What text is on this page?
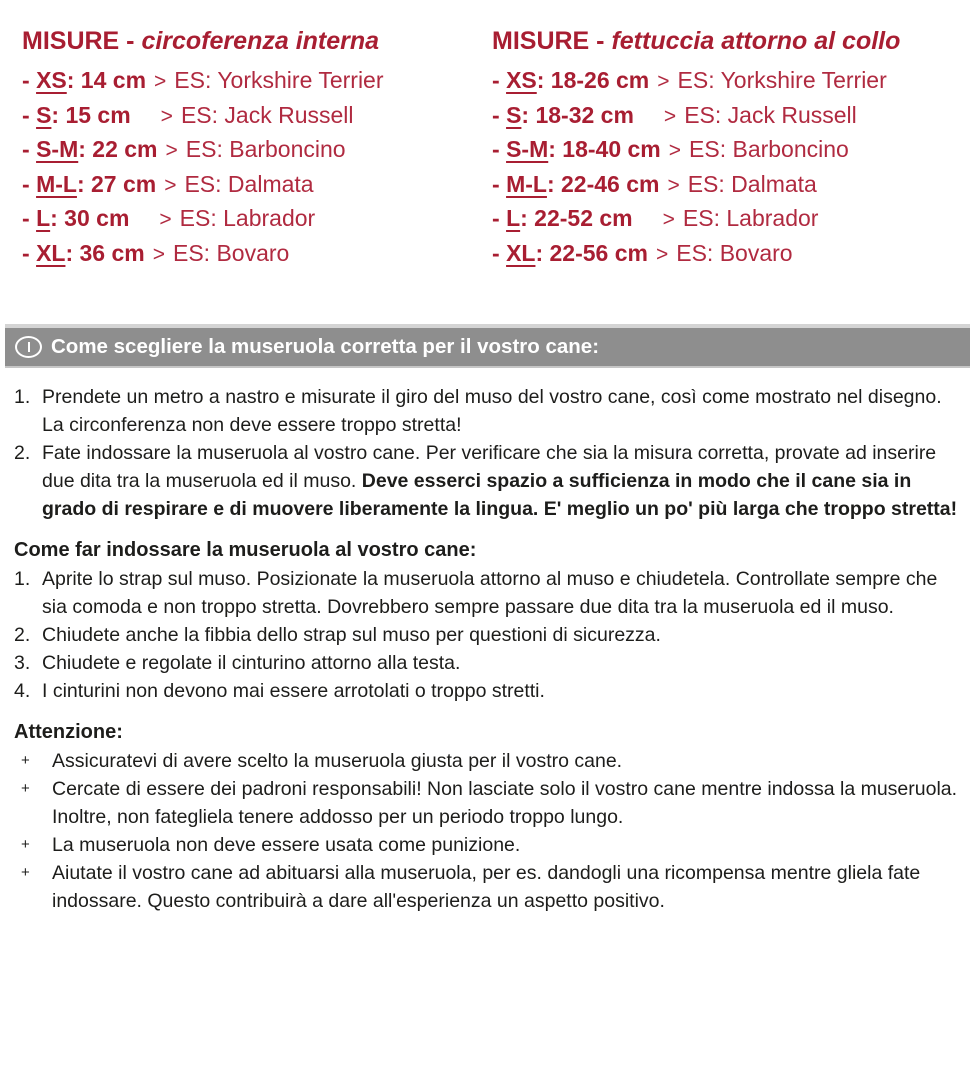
MISURE - circoferenza interna
- XS: 14 cm > ES: Yorkshire Terrier
- S: 15 cm > ES: Jack Russell
- S-M: 22 cm > ES: Barboncino
- M-L: 27 cm > ES: Dalmata
- L: 30 cm > ES: Labrador
- XL: 36 cm > ES: Bovaro
MISURE - fettuccia attorno al collo
- XS: 18-26 cm > ES: Yorkshire Terrier
- S: 18-32 cm > ES: Jack Russell
- S-M: 18-40 cm > ES: Barboncino
- M-L: 22-46 cm > ES: Dalmata
- L: 22-52 cm > ES: Labrador
- XL: 22-56 cm > ES: Bovaro
Come scegliere la museruola corretta per il vostro cane:
1. Prendete un metro a nastro e misurate il giro del muso del vostro cane, così come mostrato nel disegno. La circonferenza non deve essere troppo stretta!
2. Fate indossare la museruola al vostro cane. Per verificare che sia la misura corretta, provate ad inserire due dita tra la museruola ed il muso. Deve esserci spazio a sufficienza in modo che il cane sia in grado di respirare e di muovere liberamente la lingua. E' meglio un po' più larga che troppo stretta!
Come far indossare la museruola al vostro cane:
1. Aprite lo strap sul muso. Posizionate la museruola attorno al muso e chiudetela. Controllate sempre che sia comoda e non troppo stretta. Dovrebbero sempre passare due dita tra la museruola ed il muso.
2. Chiudete anche la fibbia dello strap sul muso per questioni di sicurezza.
3. Chiudete e regolate il cinturino attorno alla testa.
4. I cinturini non devono mai essere arrotolati o troppo stretti.
Attenzione:
+	Assicuratevi di avere scelto la museruola giusta per il vostro cane.
+	Cercate di essere dei padroni responsabili! Non lasciate solo il vostro cane mentre indossa la museruola. Inoltre, non fategliela tenere addosso per un periodo troppo lungo.
+	La museruola non deve essere usata come punizione.
+	Aiutate il vostro cane ad abituarsi alla museruola, per es. dandogli una ricompensa mentre gliela fate indossare. Questo contribuirà a dare all'esperienza un aspetto positivo.
